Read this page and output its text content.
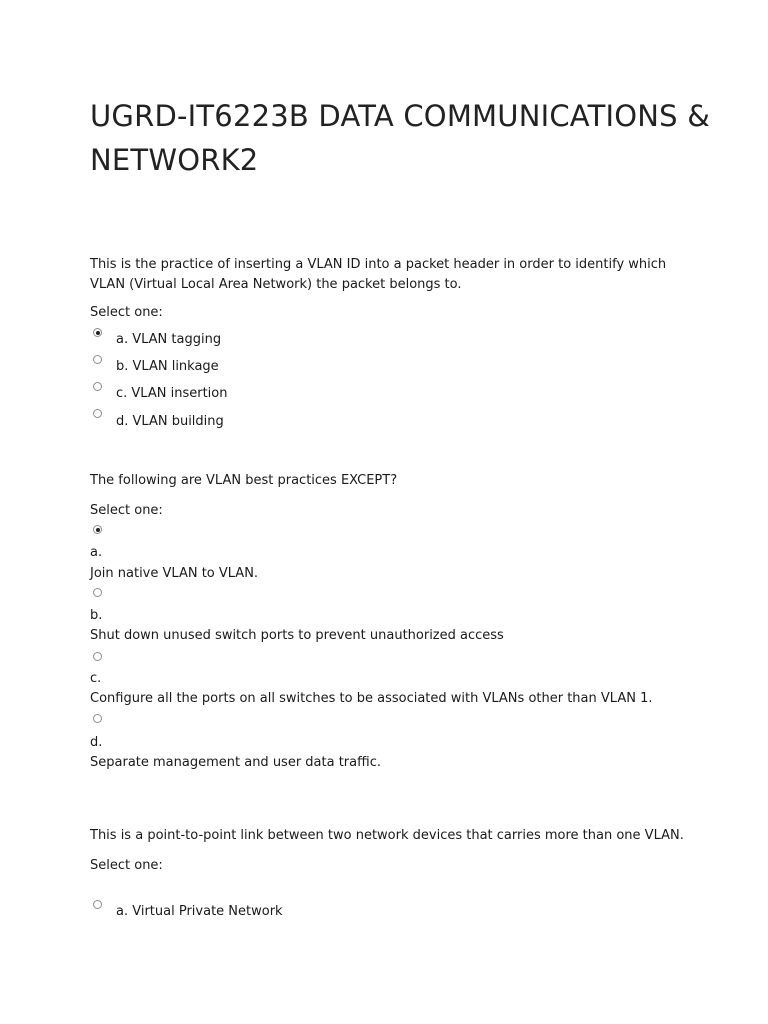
UGRD-IT6223B DATA COMMUNICATIONS & NETWORK2
This is the practice of inserting a VLAN ID into a packet header in order to identify which VLAN (Virtual Local Area Network) the packet belongs to.
Select one:
a. VLAN tagging
b. VLAN linkage
c. VLAN insertion
d. VLAN building
The following are VLAN best practices EXCEPT?
Select one:
a.
Join native VLAN to VLAN.
b.
Shut down unused switch ports to prevent unauthorized access
c.
Configure all the ports on all switches to be associated with VLANs other than VLAN 1.
d.
Separate management and user data traffic.
This is a point-to-point link between two network devices that carries more than one VLAN.
Select one:
a. Virtual Private Network
